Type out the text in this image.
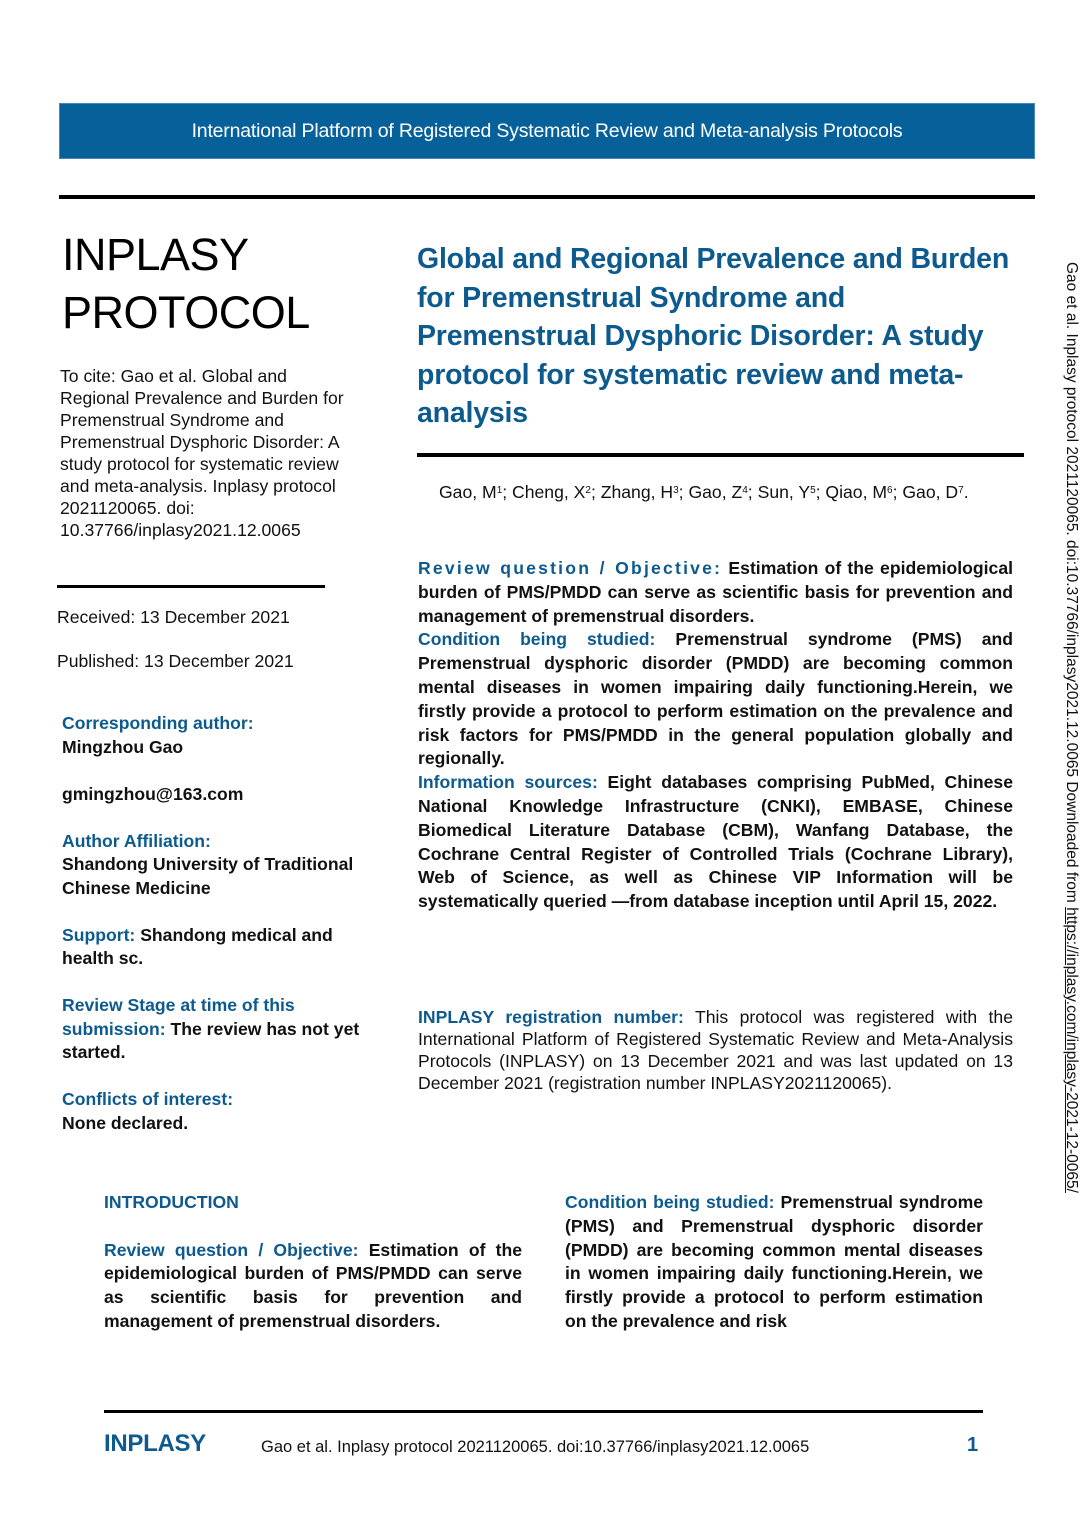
International Platform of Registered Systematic Review and Meta-analysis Protocols
INPLASY
PROTOCOL
To cite: Gao et al. Global and Regional Prevalence and Burden for Premenstrual Syndrome and Premenstrual Dysphoric Disorder: A study protocol for systematic review and meta-analysis. Inplasy protocol 2021120065. doi: 10.37766/inplasy2021.12.0065
Received: 13 December 2021
Published: 13 December 2021
Corresponding author:
Mingzhou Gao
gmingzhou@163.com
Author Affiliation:
Shandong University of Traditional Chinese Medicine
Support: Shandong medical and health sc.
Review Stage at time of this submission: The review has not yet started.
Conflicts of interest:
None declared.
Global and Regional Prevalence and Burden for Premenstrual Syndrome and Premenstrual Dysphoric Disorder: A study protocol for systematic review and meta-analysis
Gao, $M^1$; Cheng, $X^2$; Zhang, $H^3$; Gao, $Z^4$; Sun, $Y^5$; Qiao, $M^6$; Gao, $D^7$.

Review question / Objective: Estimation of the epidemiological burden of PMS/PMDD can serve as scientific basis for prevention and management of premenstrual disorders.

Condition being studied: Premenstrual syndrome (PMS) and Premenstrual dysphoric disorder (PMDD) are becoming common mental diseases in women impairing daily functioning.Herein, we firstly provide a protocol to perform estimation on the prevalence and risk factors for PMS/PMDD in the general population globally and regionally.

Information sources: Eight databases comprising PubMed, Chinese National Knowledge Infrastructure (CNKI), EMBASE, Chinese Biomedical Literature Database (CBM), Wanfang Database, the Cochrane Central Register of Controlled Trials (Cochrane Library), Web of Science, as well as Chinese VIP Information will be systematically queried —from database inception until April 15, 2022.

INPLASY registration number: This protocol was registered with the International Platform of Registered Systematic Review and Meta-Analysis Protocols (INPLASY) on 13 December 2021 and was last updated on 13 December 2021 (registration number INPLASY2021120065).
INTRODUCTION
Review question / Objective: Estimation of the epidemiological burden of PMS/PMDD can serve as scientific basis for prevention and management of premenstrual disorders.
Condition being studied: Premenstrual syndrome (PMS) and Premenstrual dysphoric disorder (PMDD) are becoming common mental diseases in women impairing daily functioning.Herein, we firstly provide a protocol to perform estimation on the prevalence and risk
INPLASY	Gao et al. Inplasy protocol 2021120065. doi:10.37766/inplasy2021.12.0065	1
Gao et al. Inplasy protocol 2021120065. doi:10.37766/inplasy2021.12.0065 Downloaded from https://inplasy.com/inplasy-2021-12-0065/
